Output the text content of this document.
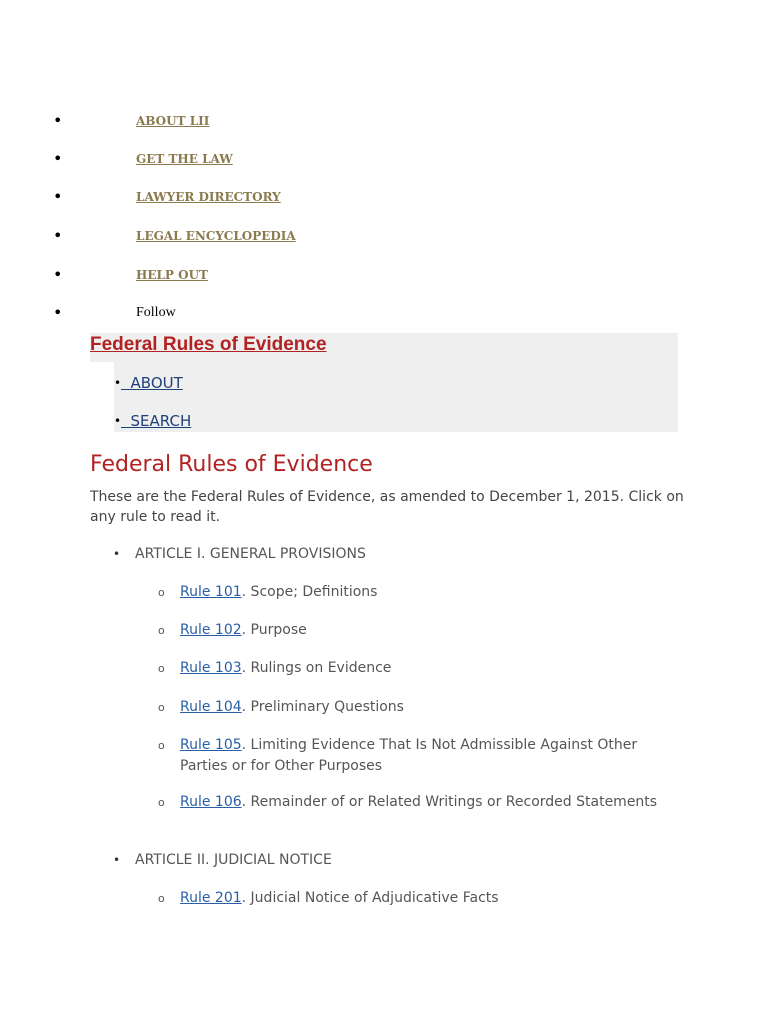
•	ABOUT LII
•	GET THE LAW
•	LAWYER DIRECTORY
•	LEGAL ENCYCLOPEDIA
•	HELP OUT
•	Follow
Federal Rules of Evidence
• ABOUT
• SEARCH
Federal Rules of Evidence

These are the Federal Rules of Evidence, as amended to December 1, 2015. Click on any rule to read it.

• ARTICLE I. GENERAL PROVISIONS
o Rule 101. Scope; Definitions
o Rule 102. Purpose
o Rule 103. Rulings on Evidence
o Rule 104. Preliminary Questions
o Rule 105. Limiting Evidence That Is Not Admissible Against Other Parties or for Other Purposes
o Rule 106. Remainder of or Related Writings or Recorded Statements
• ARTICLE II. JUDICIAL NOTICE
o Rule 201. Judicial Notice of Adjudicative Facts
